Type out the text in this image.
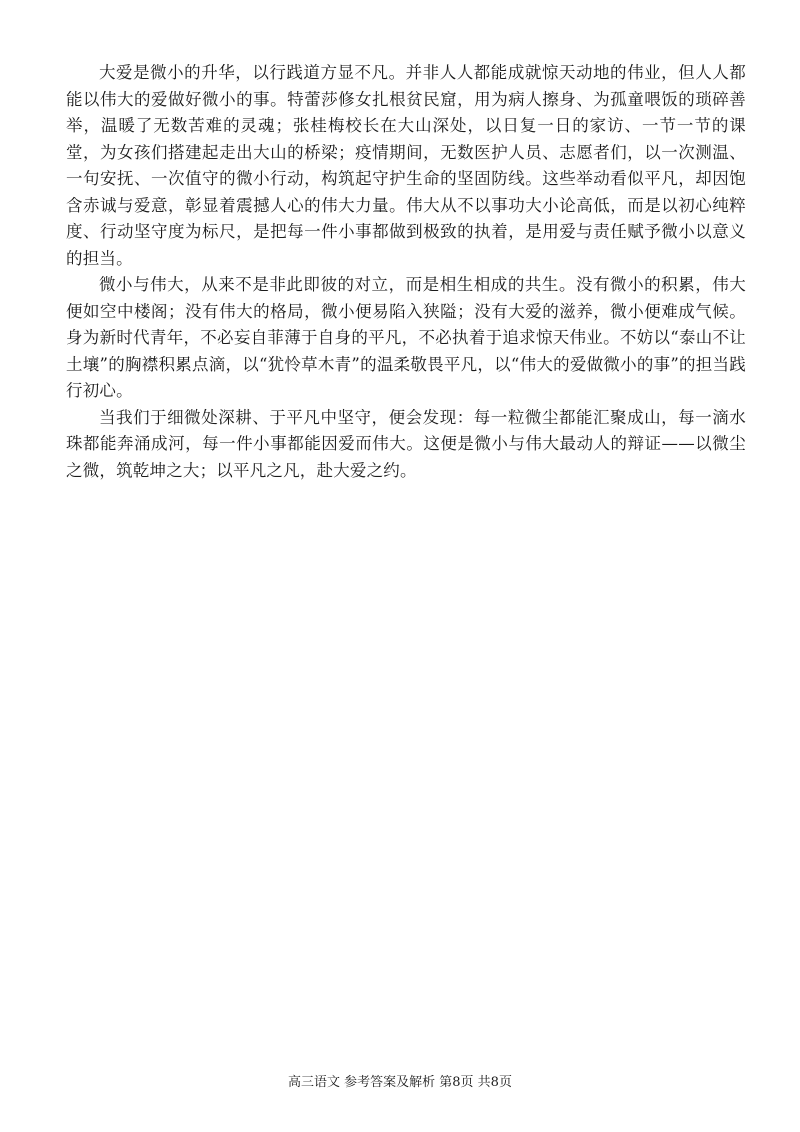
大爱是微小的升华，以行践道方显不凡。并非人人都能成就惊天动地的伟业，但人人都能以伟大的爱做好微小的事。特蕾莎修女扎根贫民窟，用为病人擦身、为孤童喂饭的琐碎善举，温暖了无数苦难的灵魂；张桂梅校长在大山深处，以日复一日的家访、一节一节的课堂，为女孩们搭建起走出大山的桥梁；疫情期间，无数医护人员、志愿者们，以一次测温、一句安抚、一次值守的微小行动，构筑起守护生命的坚固防线。这些举动看似平凡，却因饱含赤诚与爱意，彰显着震撼人心的伟大力量。伟大从不以事功大小论高低，而是以初心纯粹度、行动坚守度为标尺，是把每一件小事都做到极致的执着，是用爱与责任赋予微小以意义的担当。

微小与伟大，从来不是非此即彼的对立，而是相生相成的共生。没有微小的积累，伟大便如空中楼阁；没有伟大的格局，微小便易陷入狭隘；没有大爱的滋养，微小便难成气候。身为新时代青年，不必妄自菲薄于自身的平凡，不必执着于追求惊天伟业。不妨以“泰山不让土壤”的胸襟积累点滴，以“犹怜草木青”的温柔敬畏平凡，以“伟大的爱做微小的事”的担当践行初心。

当我们于细微处深耕、于平凡中坚守，便会发现：每一粒微尘都能汇聚成山，每一滴水珠都能奔涌成河，每一件小事都能因爱而伟大。这便是微小与伟大最动人的辩证——以微尘之微，筑乾坤之大；以平凡之凡，赴大爱之约。

高三语文 参考答案及解析 第8页 共8页
